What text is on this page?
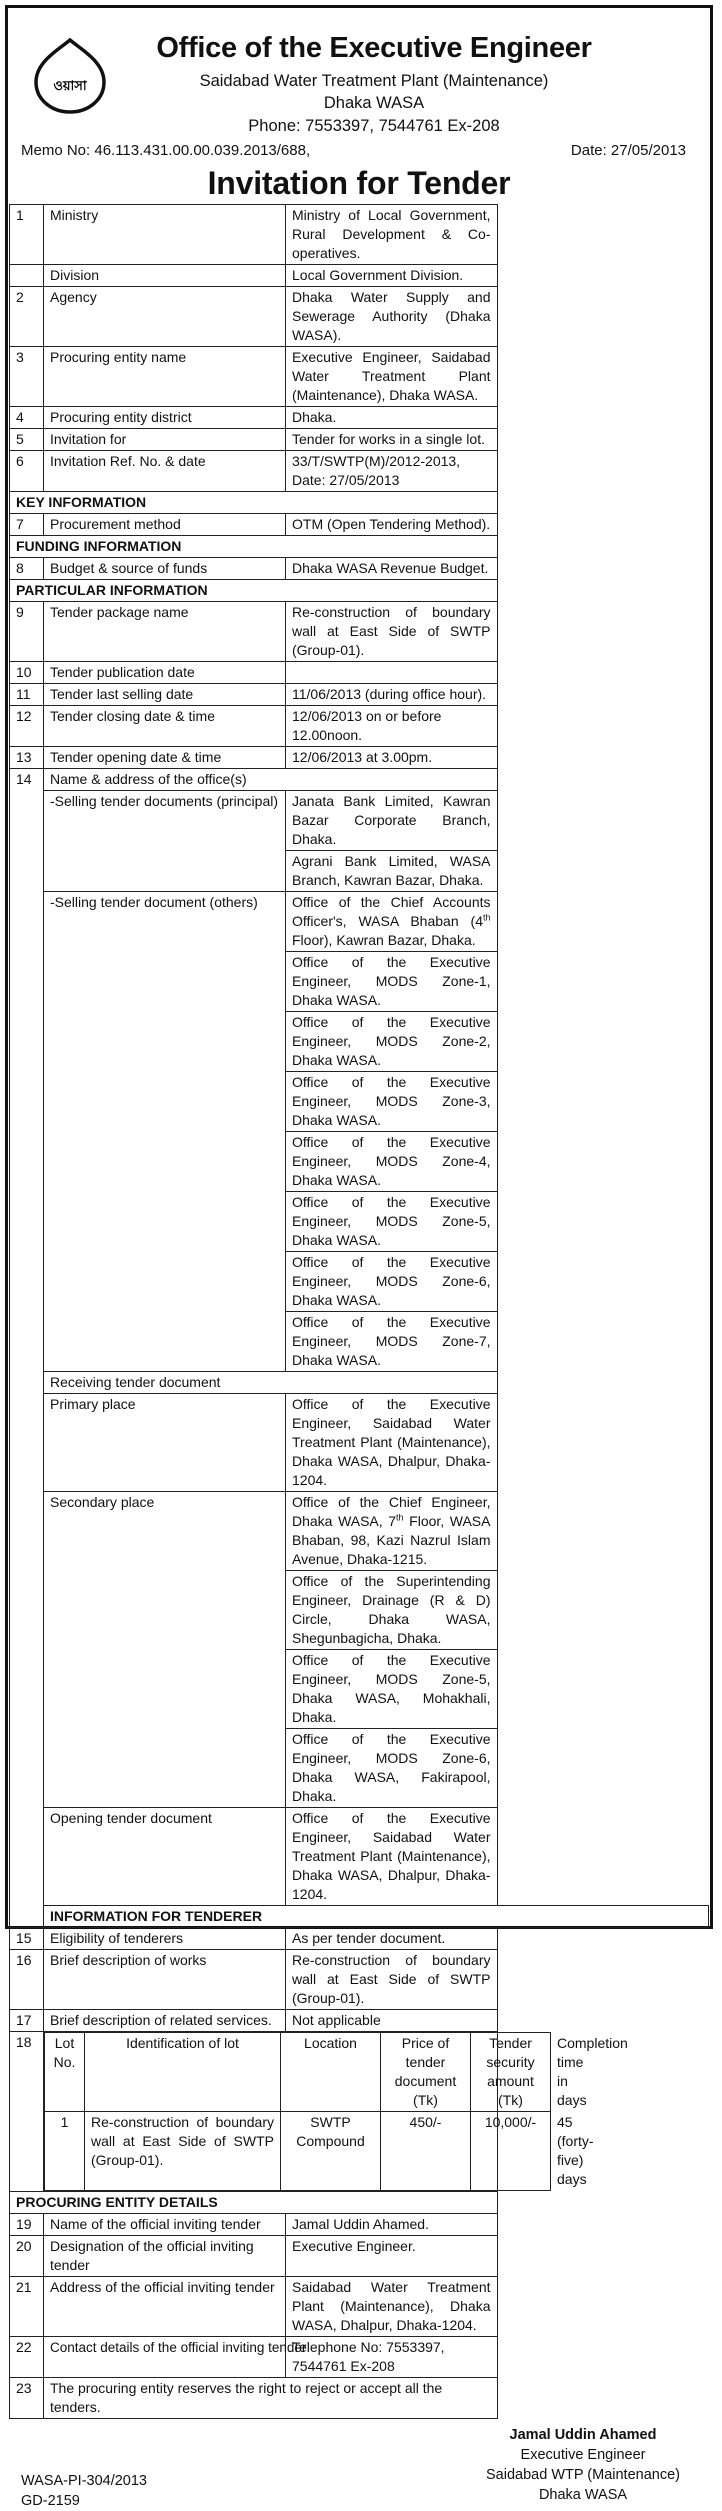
ওয়াসা
Office of the Executive Engineer
Saidabad Water Treatment Plant (Maintenance)
Dhaka WASA
Phone: 7553397, 7544761 Ex-208
Memo No: 46.113.431.00.00.039.2013/688,	Date: 27/05/2013
Invitation for Tender
1	Ministry	Ministry of Local Government, Rural Development & Co-operatives.
	Division	Local Government Division.
2	Agency	Dhaka Water Supply and Sewerage Authority (Dhaka WASA).
3	Procuring entity name	Executive Engineer, Saidabad Water Treatment Plant (Maintenance), Dhaka WASA.
4	Procuring entity district	Dhaka.
5	Invitation for	Tender for works in a single lot.
6	Invitation Ref. No. & date	33/T/SWTP(M)/2012-2013, Date: 27/05/2013
KEY INFORMATION
7	Procurement method	OTM (Open Tendering Method).
FUNDING INFORMATION
8	Budget & source of funds	Dhaka WASA Revenue Budget.
PARTICULAR INFORMATION
9	Tender package name	Re-construction of boundary wall at East Side of SWTP (Group-01).
10	Tender publication date	
11	Tender last selling date	11/06/2013 (during office hour).
12	Tender closing date & time	12/06/2013 on or before 12.00noon.
13	Tender opening date & time	12/06/2013 at 3.00pm.
14	Name & address of the office(s)
-Selling tender documents (principal)	Janata Bank Limited, Kawran Bazar Corporate Branch, Dhaka.
Agrani Bank Limited, WASA Branch, Kawran Bazar, Dhaka.
-Selling tender document (others)	Office of the Chief Accounts Officer's, WASA Bhaban (4th Floor), Kawran Bazar, Dhaka.
Office of the Executive Engineer, MODS Zone-1, Dhaka WASA.
Office of the Executive Engineer, MODS Zone-2, Dhaka WASA.
Office of the Executive Engineer, MODS Zone-3, Dhaka WASA.
Office of the Executive Engineer, MODS Zone-4, Dhaka WASA.
Office of the Executive Engineer, MODS Zone-5, Dhaka WASA.
Office of the Executive Engineer, MODS Zone-6, Dhaka WASA.
Office of the Executive Engineer, MODS Zone-7, Dhaka WASA.
Receiving tender document
Primary place	Office of the Executive Engineer, Saidabad Water Treatment Plant (Maintenance), Dhaka WASA, Dhalpur, Dhaka-1204.
Secondary place	Office of the Chief Engineer, Dhaka WASA, 7th Floor, WASA Bhaban, 98, Kazi Nazrul Islam Avenue, Dhaka-1215.
Office of the Superintending Engineer, Drainage (R & D) Circle, Dhaka WASA, Shegunbagicha, Dhaka.
Office of the Executive Engineer, MODS Zone-5, Dhaka WASA, Mohakhali, Dhaka.
Office of the Executive Engineer, MODS Zone-6, Dhaka WASA, Fakirapool, Dhaka.
Opening tender document	Office of the Executive Engineer, Saidabad Water Treatment Plant (Maintenance), Dhaka WASA, Dhalpur, Dhaka-1204.
INFORMATION FOR TENDERER
15	Eligibility of tenderers	As per tender document.
16	Brief description of works	Re-construction of boundary wall at East Side of SWTP (Group-01).
17	Brief description of related services.	Not applicable
18	Lot No.	Identification of lot	Location	Price of tender document (Tk)	Tender security amount (Tk)	Completion time in days
1	Re-construction of boundary wall at East Side of SWTP (Group-01).	SWTP Compound	450/-	10,000/-	45 (forty-five) days

PROCURING ENTITY DETAILS
19	Name of the official inviting tender	Jamal Uddin Ahamed.
20	Designation of the official inviting tender	Executive Engineer.
21	Address of the official inviting tender	Saidabad Water Treatment Plant (Maintenance), Dhaka WASA, Dhalpur, Dhaka-1204.
22	Contact details of the official inviting tender	Telephone No: 7553397, 7544761 Ex-208
23	The procuring entity reserves the right to reject or accept all the tenders.
Jamal Uddin Ahamed
Executive Engineer
Saidabad WTP (Maintenance)
Dhaka WASA
WASA-PI-304/2013
GD-2159
